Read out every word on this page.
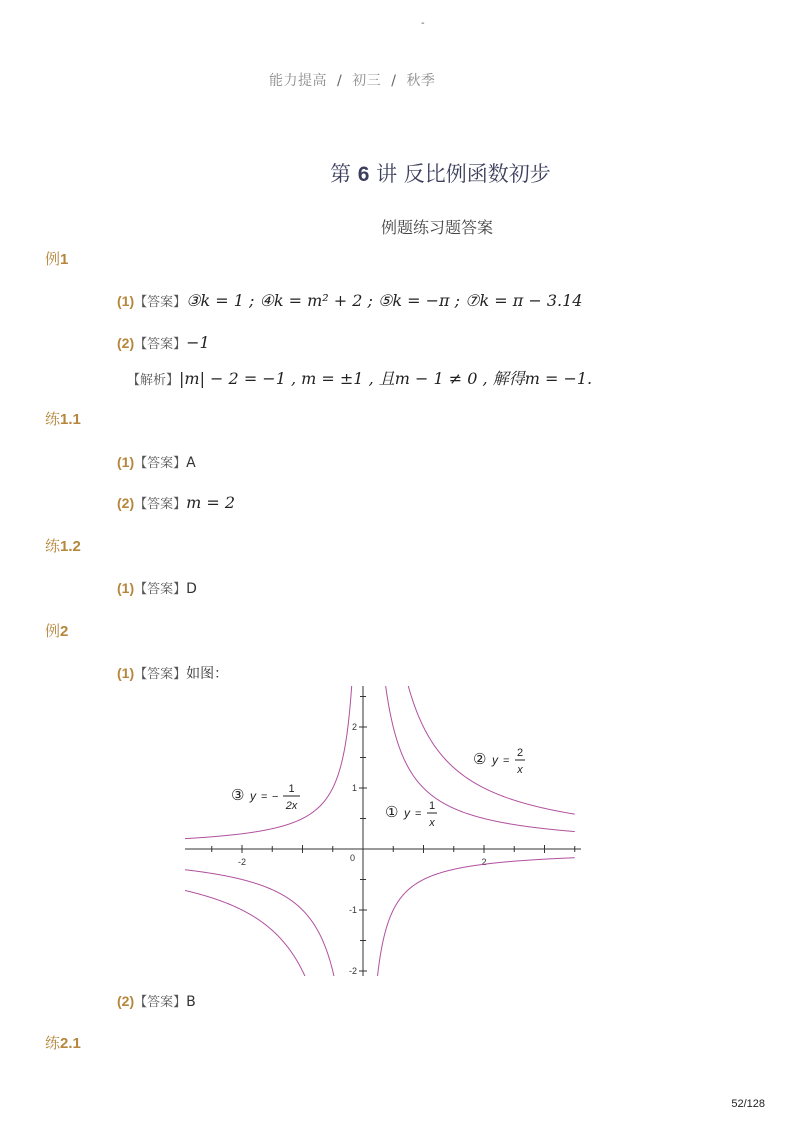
-
能力提高 / 初三 / 秋季
第 6 讲 反比例函数初步
例题练习题答案
例1
(1)【答案】③k = 1 ; ④k = m² + 2 ; ⑤k = −π ; ⑦k = π − 3.14
(2)【答案】−1
【解析】|m| − 2 = −1 , m = ±1 , 且m − 1 ≠ 0 , 解得m = −1.
练1.1
(1)【答案】A
(2)【答案】m = 2
练1.2
(1)【答案】D
例2
(1)【答案】如图：
-2	2
2
1
-1
-2
0
① y =
1
x
② y =
2
x
③ y = −
1
2x
(2)【答案】B
练2.1
52/128
